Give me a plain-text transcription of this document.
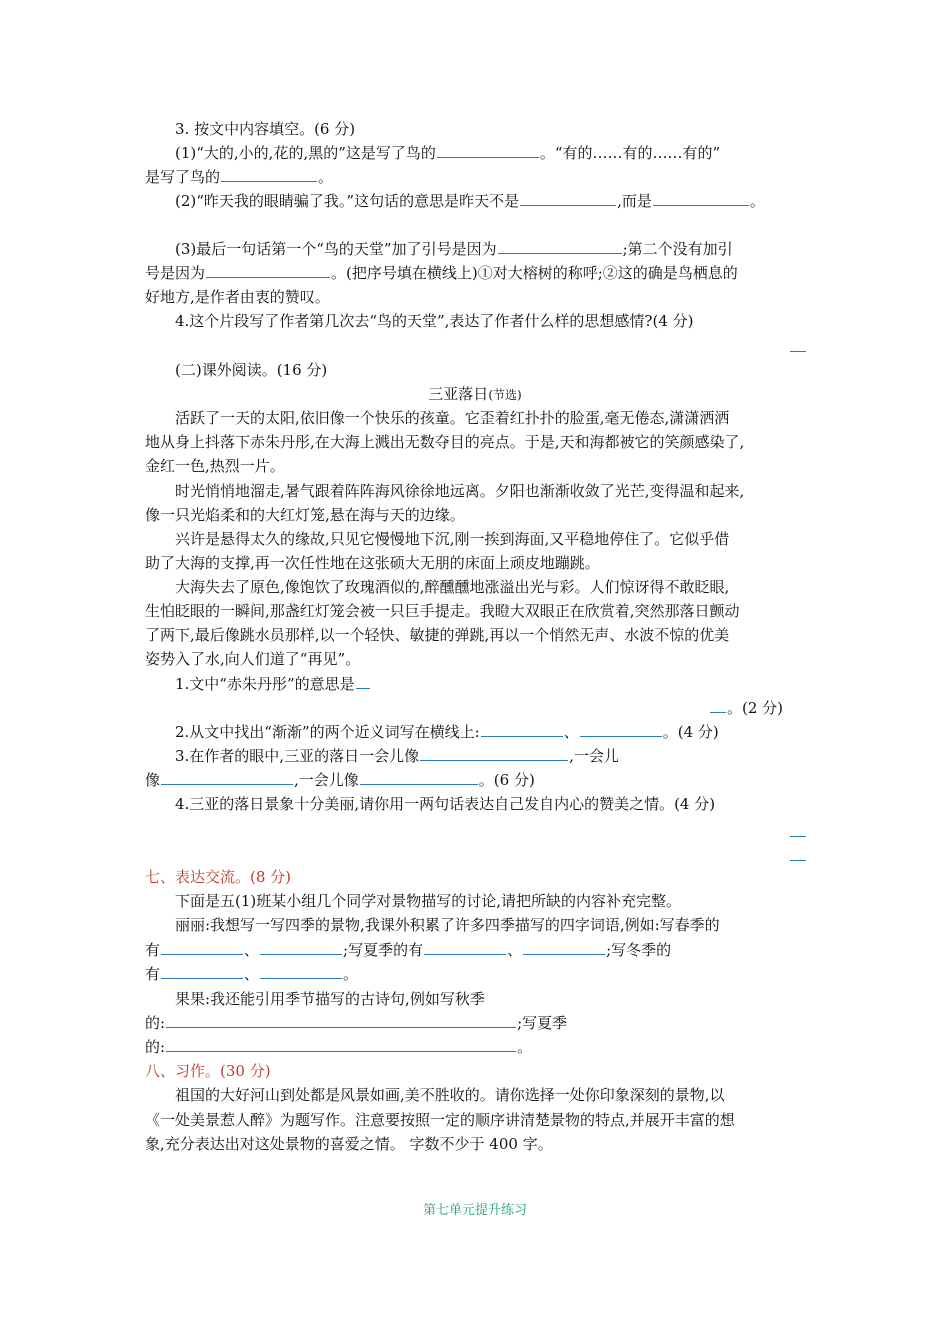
3. 按文中内容填空。(6 分)
(1)“大的,小的,花的,黑的”这是写了鸟的	。“有的……有的……有的”
是写了鸟的	。
(2)“昨天我的眼睛骗了我。”这句话的意思是昨天不是	,而是	。
(3)最后一句话第一个“鸟的天堂”加了引号是因为	;第二个没有加引
号是因为	。(把序号填在横线上)①对大榕树的称呼;②这的确是鸟栖息的
好地方,是作者由衷的赞叹。
4.这个片段写了作者第几次去“鸟的天堂”,表达了作者什么样的思想感情?(4 分)
(二)课外阅读。(16 分)
三亚落日(节选)
活跃了一天的太阳,依旧像一个快乐的孩童。它歪着红扑扑的脸蛋,毫无倦态,潇潇洒洒
地从身上抖落下赤朱丹彤,在大海上溅出无数夺目的亮点。于是,天和海都被它的笑颜感染了,
金红一色,热烈一片。
时光悄悄地溜走,暑气跟着阵阵海风徐徐地远离。夕阳也渐渐收敛了光芒,变得温和起来,
像一只光焰柔和的大红灯笼,悬在海与天的边缘。
兴许是悬得太久的缘故,只见它慢慢地下沉,刚一挨到海面,又平稳地停住了。它似乎借
助了大海的支撑,再一次任性地在这张硕大无朋的床面上顽皮地蹦跳。
大海失去了原色,像饱饮了玫瑰酒似的,醉醺醺地涨溢出光与彩。人们惊讶得不敢眨眼,
生怕眨眼的一瞬间,那盏红灯笼会被一只巨手提走。我瞪大双眼正在欣赏着,突然那落日颤动
了两下,最后像跳水员那样,以一个轻快、敏捷的弹跳,再以一个悄然无声、水波不惊的优美
姿势入了水,向人们道了“再见”。
1.文中“赤朱丹彤”的意思是
。(2 分)
2.从文中找出“渐渐”的两个近义词写在横线上:	、	。(4 分)
3.在作者的眼中,三亚的落日一会儿像	,一会儿
像	,一会儿像	。(6 分)
4.三亚的落日景象十分美丽,请你用一两句话表达自己发自内心的赞美之情。(4 分)
七、表达交流。(8 分)
下面是五(1)班某小组几个同学对景物描写的讨论,请把所缺的内容补充完整。
丽丽:我想写一写四季的景物,我课外积累了许多四季描写的四字词语,例如:写春季的
有	、	;写夏季的有	、	;写冬季的
有	、	。
果果:我还能引用季节描写的古诗句,例如写秋季
的:	;写夏季
的:	。
八、习作。(30 分)
祖国的大好河山到处都是风景如画,美不胜收的。请你选择一处你印象深刻的景物,以
《一处美景惹人醉》为题写作。注意要按照一定的顺序讲清楚景物的特点,并展开丰富的想
象,充分表达出对这处景物的喜爱之情。 字数不少于 400 字。
第七单元提升练习
